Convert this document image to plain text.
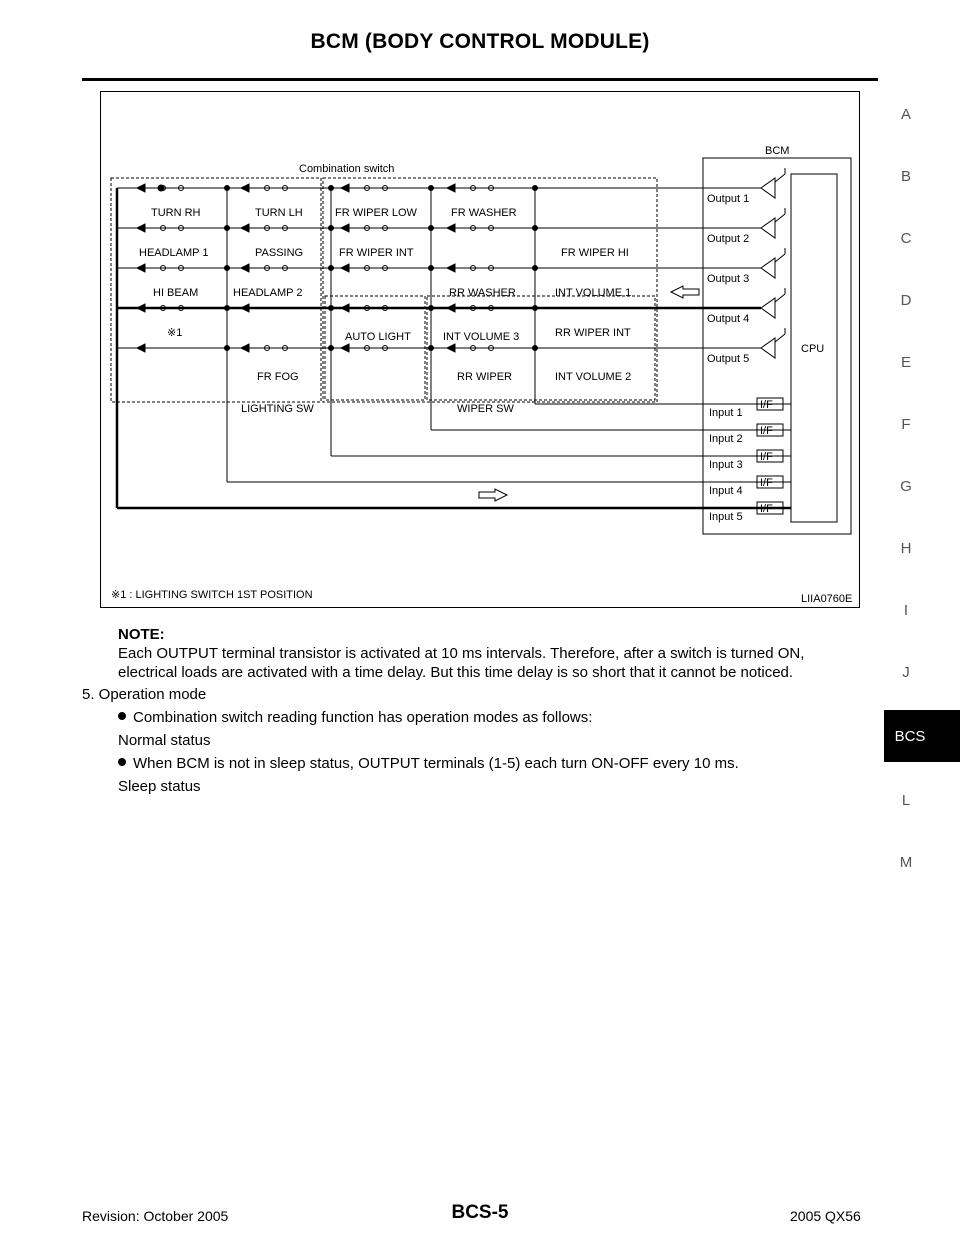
BCM (BODY CONTROL MODULE)
A
B
C
D
E
F
G
H
I
J
BCS
L
M
Combination switch
BCM
CPU
LIGHTING SW	WIPER SW
TURN RH	TURN LH	FR WIPER LOW	FR WASHER
HEADLAMP 1	PASSING	FR WIPER INT	FR WIPER HI
HI BEAM	HEADLAMP 2	RR WASHER	INT VOLUME 1
※1	AUTO LIGHT	INT VOLUME 3	RR WIPER INT
FR FOG	RR WIPER	INT VOLUME 2
Output 1
Output 2
Output 3
Output 4
Output 5
Input 1
Input 2
Input 3
Input 4
Input 5
I/F
I/F
I/F
I/F
I/F
※1 : LIGHTING SWITCH 1ST POSITION	LIIA0760E
NOTE:
Each OUTPUT terminal transistor is activated at 10 ms intervals. Therefore, after a switch is turned ON, electrical loads are activated with a time delay. But this time delay is so short that it cannot be noticed.
5. Operation mode
Combination switch reading function has operation modes as follows:
Normal status
When BCM is not in sleep status, OUTPUT terminals (1-5) each turn ON-OFF every 10 ms.
Sleep status
Revision: October 2005	BCS-5	2005 QX56
